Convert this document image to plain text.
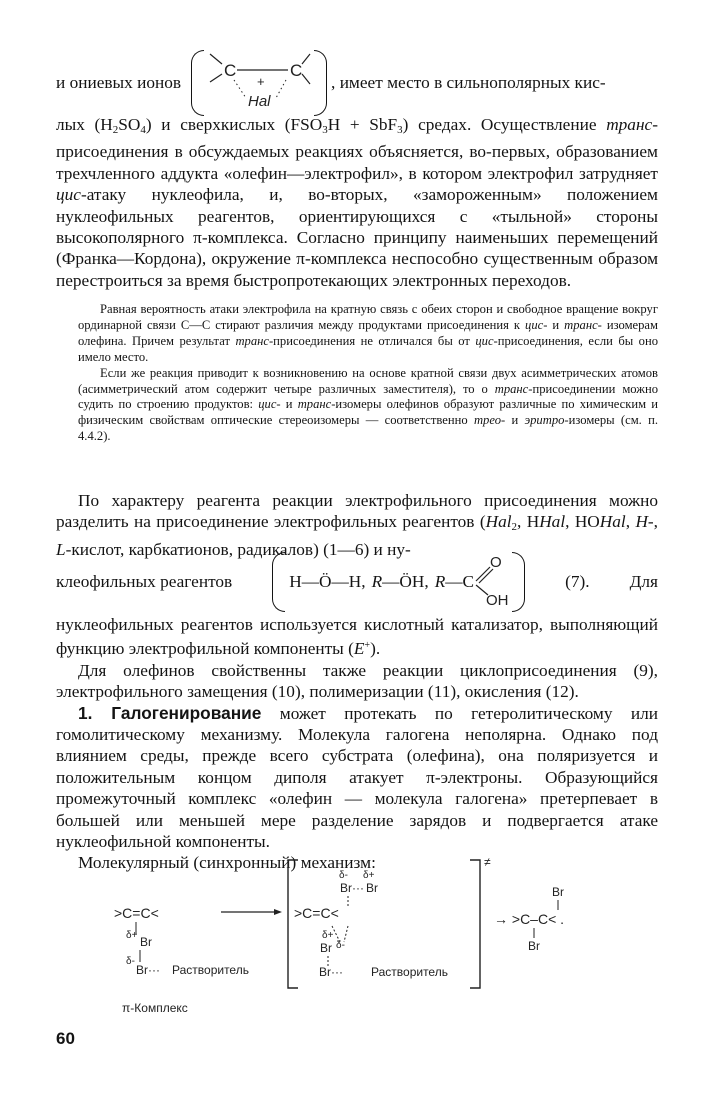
и ониевых ионов
C	C
+
Hal
, имеет место в сильнополярных кис-

лых $(H_2SO_4)$ и сверхкислых $(FSO_3H + SbF_3)$ средах. Осуществление транс-присоединения в обсуждаемых реакциях объясняется, во-первых, образованием трехчленного аддукта «олефин—электрофил», в котором электрофил затрудняет цис-атаку нуклеофила, и, во-вторых, «замороженным» положением нуклеофильных реагентов, ориентирующихся с «тыльной» стороны высокополярного π-комплекса. Согласно принципу наименьших перемещений (Франка—Кордона), окружение π-комплекса неспособно существенным образом перестроиться за время быстропротекающих электронных переходов.

Равная вероятность атаки электрофила на кратную связь с обеих сторон и свободное вращение вокруг ординарной связи C—C стирают различия между продуктами присоединения к цис- и транс- изомерам олефина. Причем результат транс-присоединения не отличался бы от цис-присоединения, если бы оно имело место.

Если же реакция приводит к возникновению на основе кратной связи двух асимметрических атомов (асимметрический атом содержит четыре различных заместителя), то о транс-присоединении можно судить по строению продуктов: цис- и транс-изомеры олефинов образуют различные по химическим и физическим свойствам оптические стереоизомеры — соответственно трео- и эритро-изомеры (см. п. 4.4.2).

По характеру реагента реакции электрофильного присоединения можно разделить на присоединение электрофильных реагентов (Hal$_2$, HHal, HOHal, H-, L-кислот, карбкатионов, радикалов) (1—6) и ну-

клеофильных реагентов	H—Ö—H, R —ÖH, R —C
O
OH
(7). Для

нуклеофильных реагентов используется кислотный катализатор, выполняющий функцию электрофильной компоненты (E+).

Для олефинов свойственны также реакции циклоприсоединения (9), электрофильного замещения (10), полимеризации (11), окисления (12).

1. Галогенирование может протекать по гетеролитическому или гомолитическому механизму. Молекула галогена неполярна. Однако под влиянием среды, прежде всего субстрата (олефина), она поляризуется и положительным концом диполя атакует π-электроны. Образующийся промежуточный комплекс «олефин — молекула галогена» претерпевает в большей или меньшей мере разделение зарядов и подвергается атаке нуклеофильной компоненты.

Молекулярный (синхронный) механизм:

>C=C<
δ+ Br
δ-
Br··· Растворитель
≠
δ- δ+
Br··· Br
>C=C<
δ+
Br δ-
Br··· Растворитель
→ >C–C< .
Br
Br
π-Комплекс
60
